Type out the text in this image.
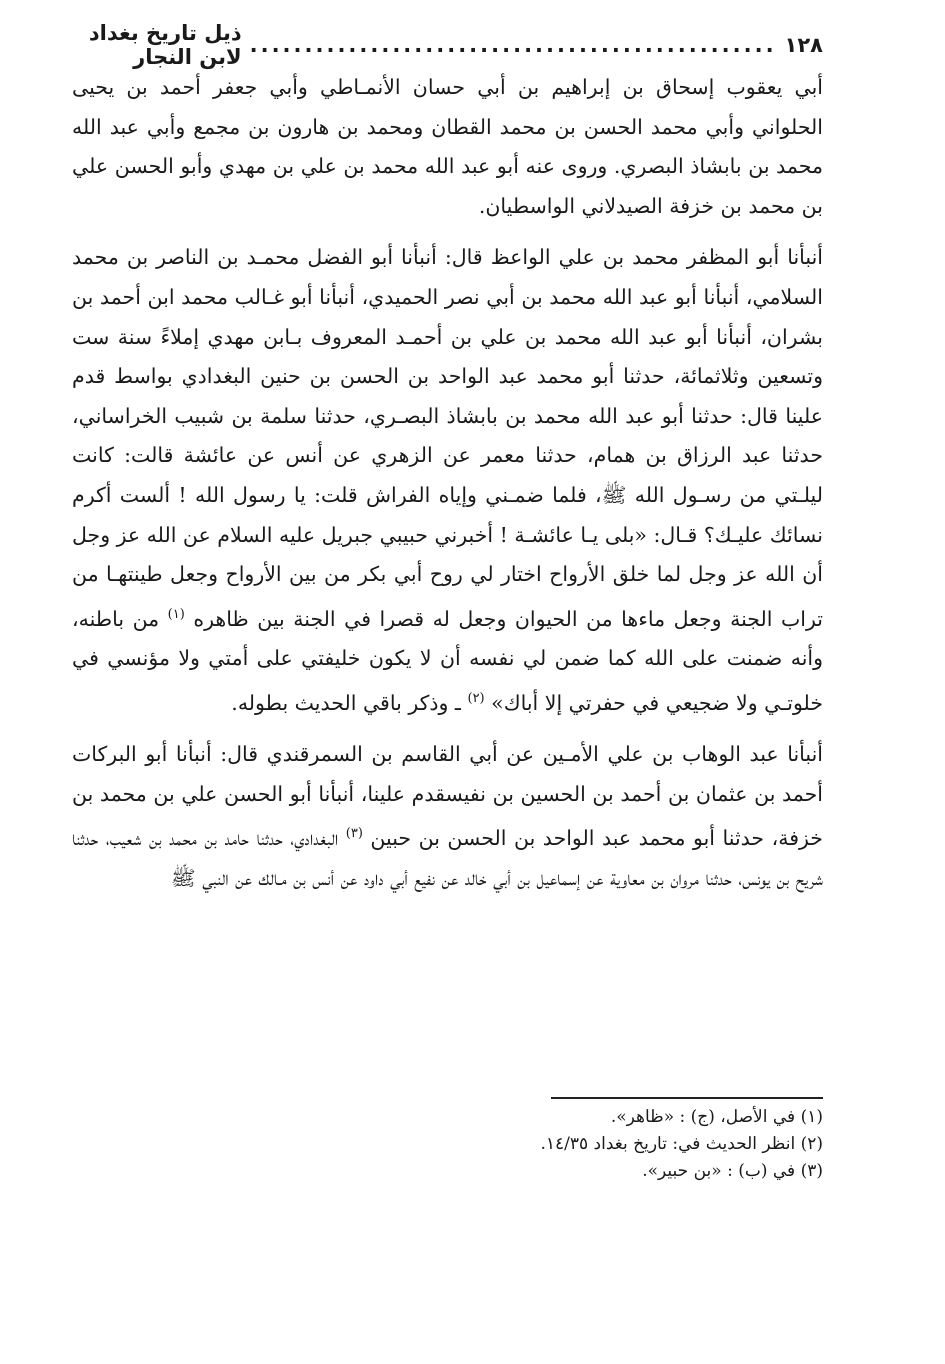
١٢٨
................................................
ذيل تاريخ بغداد لابن النجار

أبي يعقوب إسحاق بن إبراهيم بن أبي حسان الأنمـاطي وأبي جعفر أحمد بن يحيى الحلواني وأبي محمد الحسن بن محمد القطان ومحمد بن هارون بن مجمع وأبي عبد الله محمد بن بابشاذ البصري. وروى عنه أبو عبد الله محمد بن علي بن مهدي وأبو الحسن علي بن محمد بن خزفة الصيدلاني الواسطيان.

أنبأنا أبو المظفر محمد بن علي الواعظ قال: أنبأنا أبو الفضل محمـد بن الناصر بن محمد السلامي، أنبأنا أبو عبد الله محمد بن أبي نصر الحميدي، أنبأنا أبو غـالب محمد ابن أحمد بن بشران، أنبأنا أبو عبد الله محمد بن علي بن أحمـد المعروف بـابن مهدي إملاءً سنة ست وتسعين وثلاثمائة، حدثنا أبو محمد عبد الواحد بن الحسن بن حنين البغدادي بواسط قدم علينا قال: حدثنا أبو عبد الله محمد بن بابشاذ البصـري، حدثنا سلمة بن شبيب الخراساني، حدثنا عبد الرزاق بن همام، حدثنا معمر عن الزهري عن أنس عن عائشة قالت: كانت ليلـتي من رسـول الله ﷺ، فلما ضمـني وإياه الفراش قلت: يا رسول الله ! ألست أكرم نسائك عليـك؟ قـال: «بلى يـا عائشـة ! أخبرني حبيبي جبريل عليه السلام عن الله عز وجل أن الله عز وجل لما خلق الأرواح اختار لي روح أبي بكر من بين الأرواح وجعل طينتهـا من تراب الجنة وجعل ماءها من الحيوان وجعل له قصرا في الجنة بين ظاهره $^{(١)}$ من باطنه، وأنه ضمنت على الله كما ضمن لي نفسه أن لا يكون خليفتي على أمتي ولا مؤنسي في خلوتـي ولا ضجيعي في حفرتي إلا أباك» $^{(٢)}$ ـ وذكر باقي الحديث بطوله.

أنبأنا عبد الوهاب بن علي الأمـين عن أبي القاسم بن السمرقندي قال: أنبأنا أبو البركات أحمد بن عثمان بن أحمد بن الحسين بن نفيسقدم علينا، أنبأنا أبو الحسن علي بن محمد بن خزفة، حدثنا أبو محمد عبد الواحد بن الحسن بن حبين $^{(٣)}$ البغدادي، حدثنا حامد بن محمد بن شعيب، حدثنا شريح بن يونس، حدثنا مروان بن معاوية عن إسماعيل بن أبي خالد عن نفيع أبي داود عن أنس بن مـالك عن النبي ﷺ

(١) في الأصل، (ج) : «ظاهر».
(٢) انظر الحديث في: تاريخ بغداد ١٤/٣٥.
(٣) في (ب) : «بن حبير».
